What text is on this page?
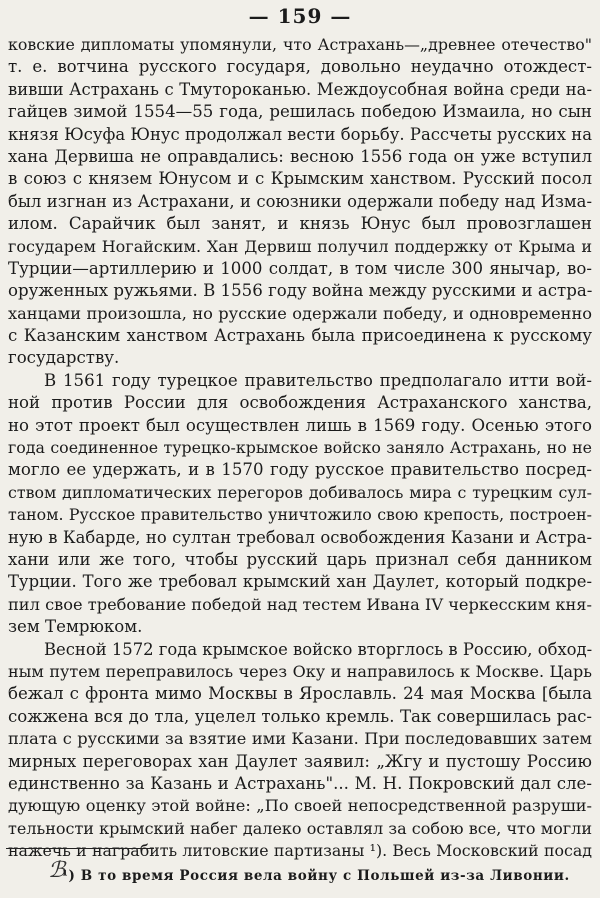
— 159 —
ковские дипломаты упомянули, что Астрахань—„древнее отечество"
т. е. вотчина русского государя, довольно неудачно отождест-
вивши Астрахань с Тмутороканью. Междоусобная война среди на-
гайцев зимой 1554—55 года, решилась победою Измаила, но сын
князя Юсуфа Юнус продолжал вести борьбу. Рассчеты русских на
хана Дервиша не оправдались: весною 1556 года он уже вступил
в союз с князем Юнусом и с Крымским ханством. Русский посол
был изгнан из Астрахани, и союзники одержали победу над Изма-
илом. Сарайчик был занят, и князь Юнус был провозглашен
государем Ногайским. Хан Дервиш получил поддержку от Крыма и
Турции—артиллерию и 1000 солдат, в том числе 300 янычар, во-
оруженных ружьями. В 1556 году война между русскими и астра-
ханцами произошла, но русские одержали победу, и одновременно
с Казанским ханством Астрахань была присоединена к русскому
государству.
В 1561 году турецкое правительство предполагало итти вой-
ной против России для освобождения Астраханского ханства,
но этот проект был осуществлен лишь в 1569 году. Осенью этого
года соединенное турецко-крымское войско заняло Астрахань, но не
могло ее удержать, и в 1570 году русское правительство посред-
ством дипломатических перегоров добивалось мира с турецким сул-
таном. Русское правительство уничтожило свою крепость, построен-
ную в Кабарде, но султан требовал освобождения Казани и Астра-
хани или же того, чтобы русский царь признал себя данником
Турции. Того же требовал крымский хан Даулет, который подкре-
пил свое требование победой над тестем Ивана IV черкесским кня-
зем Темрюком.
Весной 1572 года крымское войско вторглось в Россию, обход-
ным путем переправилось через Оку и направилось к Москве. Царь
бежал с фронта мимо Москвы в Ярославль. 24 мая Москва [была
сожжена вся до тла, уцелел только кремль. Так совершилась рас-
плата с русскими за взятие ими Казани. При последовавших затем
мирных переговорах хан Даулет заявил: „Жгу и пустошу Россию
единственно за Казань и Астрахань"... М. Н. Покровский дал сле-
дующую оценку этой войне: „По своей непосредственной разруши-
тельности крымский набег далеко оставлял за собою все, что могли
нажечь и награбить литовские партизаны ¹). Весь Московский посад
ℬ
¹) В то время Россия вела войну с Польшей из-за Ливонии.
